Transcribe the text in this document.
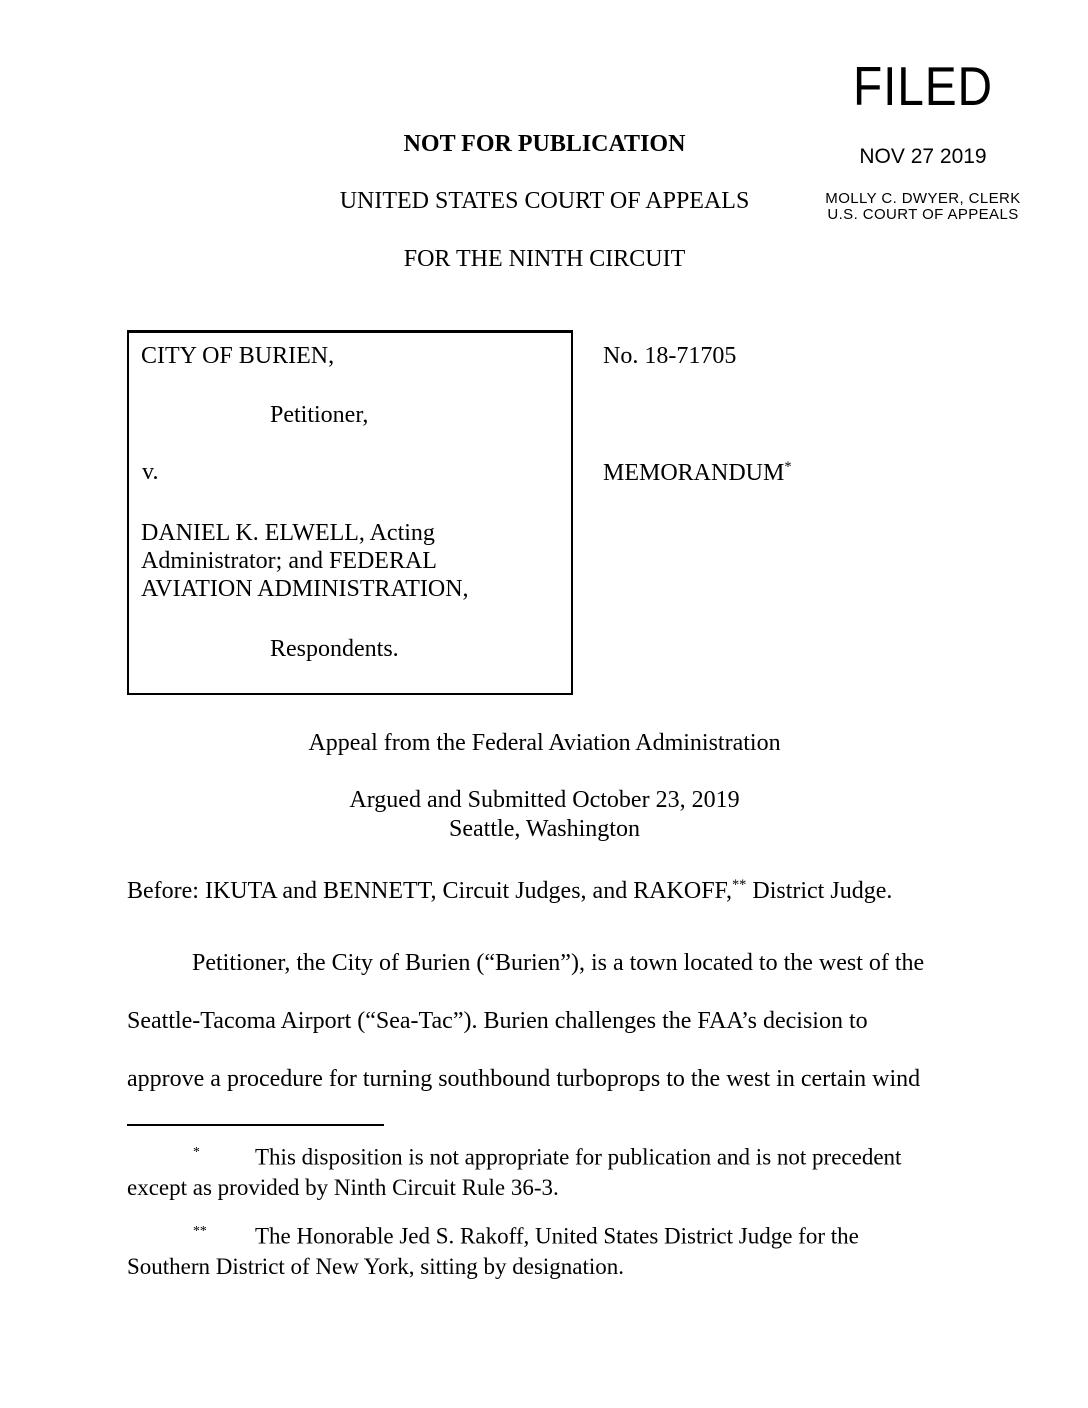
FILED
NOV 27 2019
MOLLY C. DWYER, CLERK
U.S. COURT OF APPEALS
NOT FOR PUBLICATION
UNITED STATES COURT OF APPEALS
FOR THE NINTH CIRCUIT
CITY OF BURIEN,
Petitioner,
v.
DANIEL K. ELWELL, Acting
Administrator; and FEDERAL
AVIATION ADMINISTRATION,
Respondents.
No. 18-71705
MEMORANDUM*
Appeal from the Federal Aviation Administration
Argued and Submitted October 23, 2019
Seattle, Washington
Before: IKUTA and BENNETT, Circuit Judges, and RAKOFF,** District Judge.
Petitioner, the City of Burien (“Burien”), is a town located to the west of the
Seattle-Tacoma Airport (“Sea-Tac”). Burien challenges the FAA’s decision to
approve a procedure for turning southbound turboprops to the west in certain wind
* This disposition is not appropriate for publication and is not precedent
except as provided by Ninth Circuit Rule 36-3.
** The Honorable Jed S. Rakoff, United States District Judge for the
Southern District of New York, sitting by designation.
